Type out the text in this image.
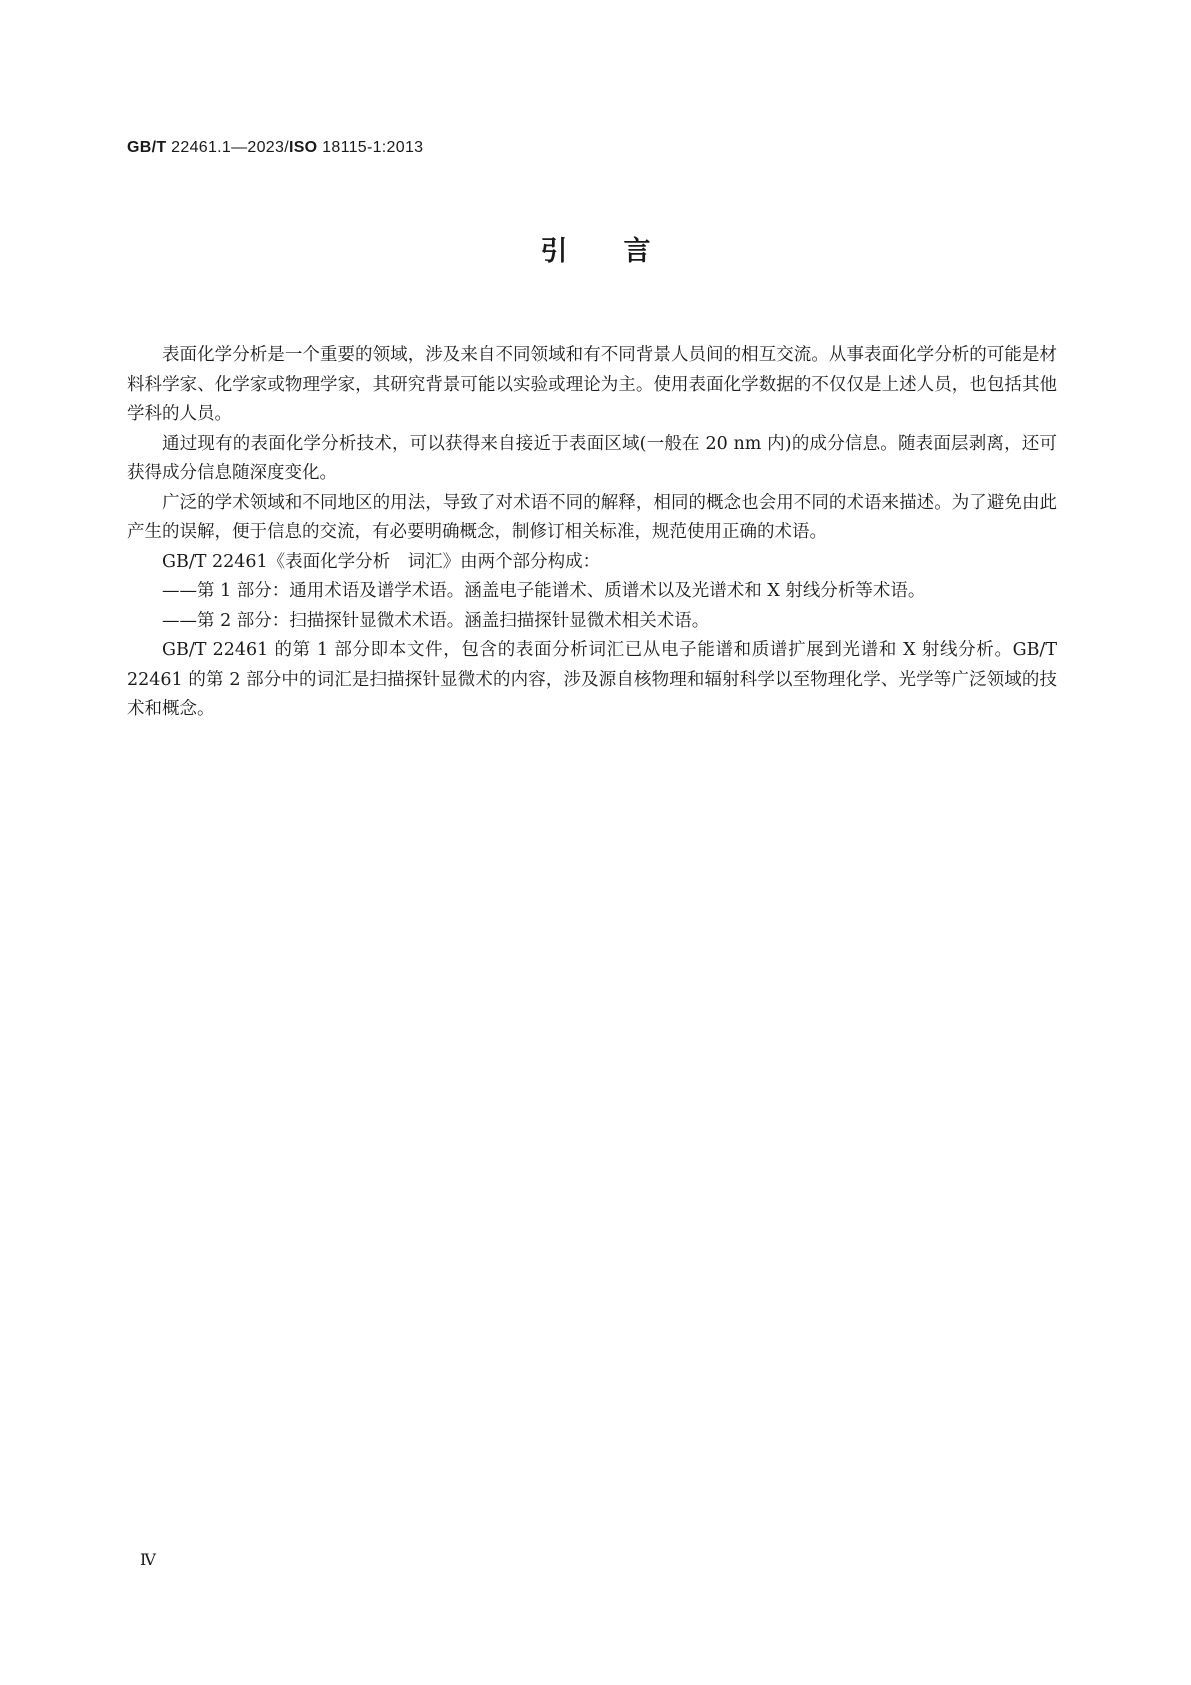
GB/T 22461.1—2023/ISO 18115-1:2013
引言

表面化学分析是一个重要的领域，涉及来自不同领域和有不同背景人员间的相互交流。从事表面化学分析的可能是材料科学家、化学家或物理学家，其研究背景可能以实验或理论为主。使用表面化学数据的不仅仅是上述人员，也包括其他学科的人员。

通过现有的表面化学分析技术，可以获得来自接近于表面区域(一般在 20 nm 内)的成分信息。随表面层剥离，还可获得成分信息随深度变化。

广泛的学术领域和不同地区的用法，导致了对术语不同的解释，相同的概念也会用不同的术语来描述。为了避免由此产生的误解，便于信息的交流，有必要明确概念，制修订相关标准，规范使用正确的术语。

GB/T 22461《表面化学分析　词汇》由两个部分构成：

——第 1 部分：通用术语及谱学术语。涵盖电子能谱术、质谱术以及光谱术和 X 射线分析等术语。

——第 2 部分：扫描探针显微术术语。涵盖扫描探针显微术相关术语。

GB/T 22461 的第 1 部分即本文件，包含的表面分析词汇已从电子能谱和质谱扩展到光谱和 X 射线分析。GB/T 22461 的第 2 部分中的词汇是扫描探针显微术的内容，涉及源自核物理和辐射科学以至物理化学、光学等广泛领域的技术和概念。

Ⅳ
